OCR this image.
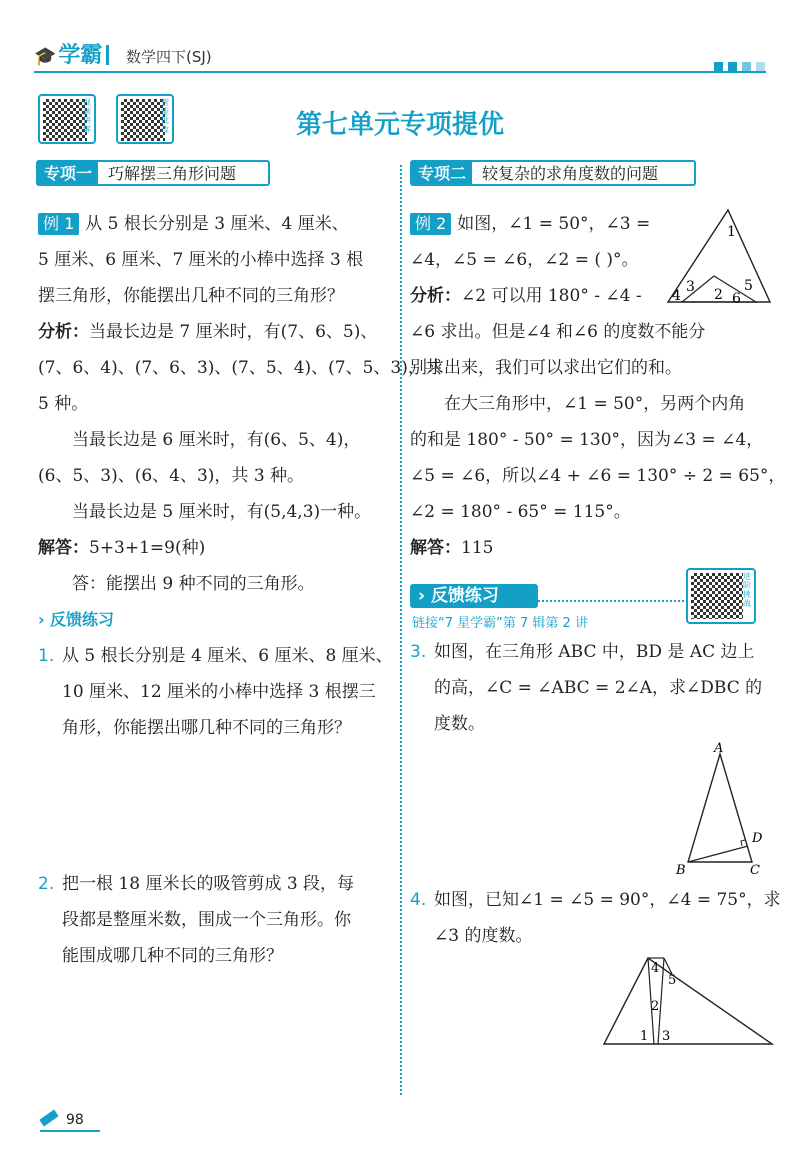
🎓学霸	数学四下(SJ)
视频讲解
智能批改	第七单元专项提优
专项一	巧解摆三角形问题	专项二	较复杂的求角度数的问题

例 1 从 5 根长分别是 3 厘米、4 厘米、

5 厘米、6 厘米、7 厘米的小棒中选择 3 根

摆三角形，你能摆出几种不同的三角形？

分析：当最长边是 7 厘米时，有(7、6、5)、

(7、6、4)、(7、6、3)、(7、5、4)、(7、5、3)，共

5 种。

当最长边是 6 厘米时，有(6、5、4)，

(6、5、3)、(6、4、3)，共 3 种。

当最长边是 5 厘米时，有(5,4,3)一种。

解答：5+3+1=9(种)

答：能摆出 9 种不同的三角形。

› 反馈练习

1. 从 5 根长分别是 4 厘米、6 厘米、8 厘米、

10 厘米、12 厘米的小棒中选择 3 根摆三

角形，你能摆出哪几种不同的三角形？

2. 把一根 18 厘米长的吸管剪成 3 段，每

段都是整厘米数，围成一个三角形。你

能围成哪几种不同的三角形？

例 2 如图，∠1 = 50°，∠3 =

∠4，∠5 = ∠6，∠2 = ( )°。

分析：∠2 可以用 180° - ∠4 -

∠6 求出。但是∠4 和∠6 的度数不能分

别求出来，我们可以求出它们的和。

在大三角形中，∠1 = 50°，另两个内角

的和是 180° - 50° = 130°，因为∠3 = ∠4，

∠5 = ∠6，所以∠4 + ∠6 = 130° ÷ 2 = 65°，

∠2 = 180° - 65° = 115°。

解答：115

1
3
4 2 6
5
› 反馈练习
链接“7 星学霸”第 7 辑第 2 讲
进阶挑战

3. 如图，在三角形 ABC 中，BD 是 AC 边上

的高，∠C = ∠ABC = 2∠A，求∠DBC 的

度数。

A
B	C
D

4. 如图，已知∠1 = ∠5 = 90°，∠4 = 75°，求

∠3 的度数。

4
5
2
1 3
98
